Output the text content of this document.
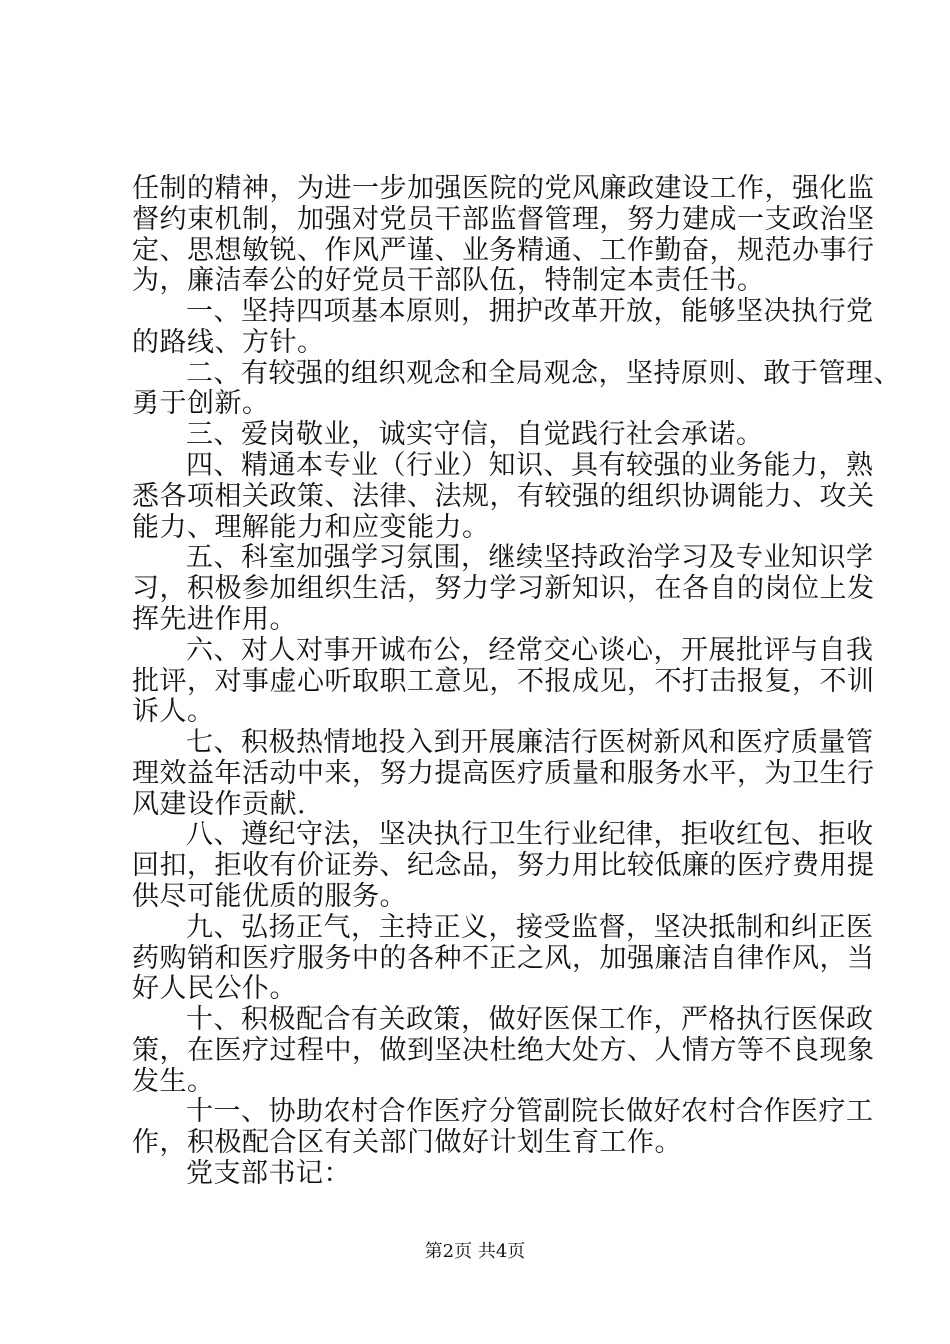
任制的精神，为进一步加强医院的党风廉政建设工作，强化监

督约束机制，加强对党员干部监督管理，努力建成一支政治坚

定、思想敏锐、作风严谨、业务精通、工作勤奋，规范办事行

为，廉洁奉公的好党员干部队伍，特制定本责任书。

一、坚持四项基本原则，拥护改革开放，能够坚决执行党

的路线、方针。

二、有较强的组织观念和全局观念，坚持原则、敢于管理、

勇于创新。

三、爱岗敬业，诚实守信，自觉践行社会承诺。

四、精通本专业（行业）知识、具有较强的业务能力，熟

悉各项相关政策、法律、法规，有较强的组织协调能力、攻关

能力、理解能力和应变能力。

五、科室加强学习氛围，继续坚持政治学习及专业知识学

习，积极参加组织生活，努力学习新知识，在各自的岗位上发

挥先进作用。

六、对人对事开诚布公，经常交心谈心，开展批评与自我

批评，对事虚心听取职工意见，不报成见，不打击报复，不训

诉人。

七、积极热情地投入到开展廉洁行医树新风和医疗质量管

理效益年活动中来，努力提高医疗质量和服务水平，为卫生行

风建设作贡献.

八、遵纪守法，坚决执行卫生行业纪律，拒收红包、拒收

回扣，拒收有价证券、纪念品，努力用比较低廉的医疗费用提

供尽可能优质的服务。

九、弘扬正气，主持正义，接受监督，坚决抵制和纠正医

药购销和医疗服务中的各种不正之风，加强廉洁自律作风，当

好人民公仆。

十、积极配合有关政策，做好医保工作，严格执行医保政

策，在医疗过程中，做到坚决杜绝大处方、人情方等不良现象

发生。

十一、协助农村合作医疗分管副院长做好农村合作医疗工

作，积极配合区有关部门做好计划生育工作。

党支部书记：

第2页 共4页
